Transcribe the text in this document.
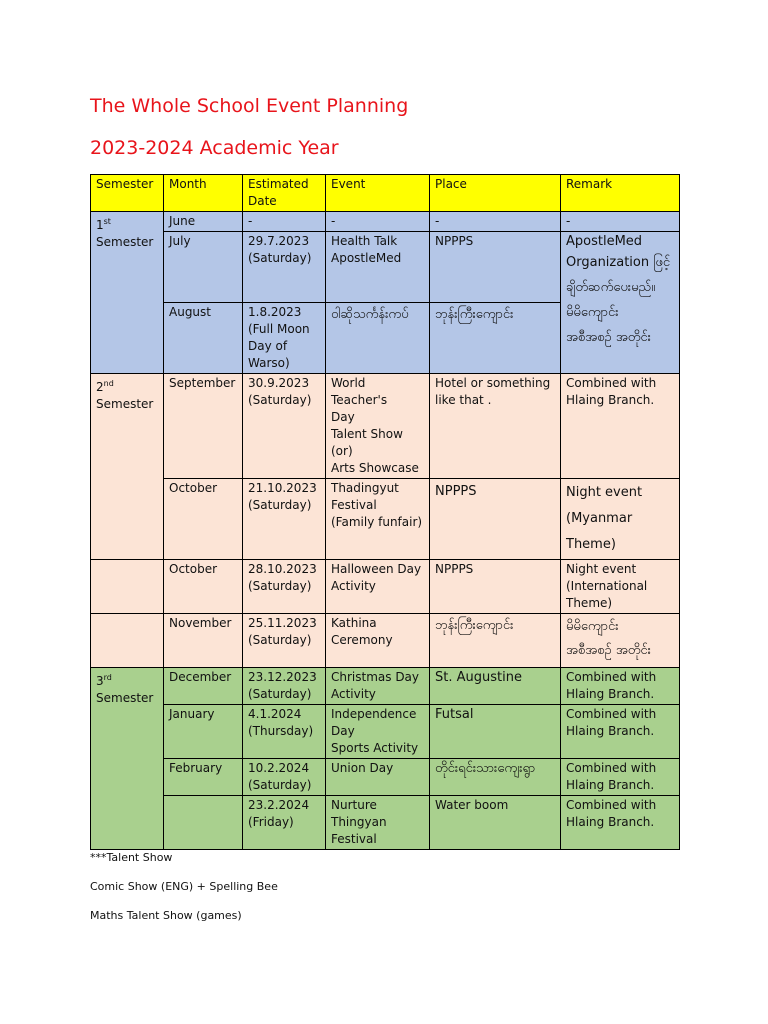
The Whole School Event Planning
2023-2024 Academic Year
Semester	Month	Estimated Date	Event	Place	Remark
1st
Semester	June	-	-	-	-
	July	29.7.2023
(Saturday)	Health Talk
ApostleMed	NPPPS	ApostleMed
Organization ဖြင့်
ချိတ်ဆက်ပေးမည်။
မိမိကျောင်း
အစီအစဉ် အတိုင်း

	August	1.8.2023
(Full Moon
Day of
Warso)	ဝါဆိုသင်္ကန်းကပ်	ဘုန်းကြီးကျောင်း	
2nd
Semester	September	30.9.2023
(Saturday)	World Teacher's
Day
Talent Show
(or)
Arts Showcase	Hotel or something
like that .	Combined with
Hlaing Branch.

	October	21.10.2023
(Saturday)	Thadingyut
Festival
(Family funfair)	NPPPS	Night event
(Myanmar
Theme)

	October	28.10.2023
(Saturday)	Halloween Day
Activity	NPPPS	Night event
(International
Theme)

	November	25.11.2023
(Saturday)	Kathina
Ceremony	ဘုန်းကြီးကျောင်း	မိမိကျောင်း
အစီအစဉ် အတိုင်း

3rd
Semester	December	23.12.2023
(Saturday)	Christmas Day
Activity	St. Augustine	Combined with
Hlaing Branch.

	January	4.1.2024
(Thursday)	Independence
Day
Sports Activity	Futsal	Combined with
Hlaing Branch.

	February	10.2.2024
(Saturday)	Union Day	တိုင်းရင်းသားကျေးရွာ	Combined with
Hlaing Branch.

		23.2.2024
(Friday)	Nurture
Thingyan
Festival	Water boom	Combined with
Hlaing Branch.

***Talent Show

Comic Show (ENG) + Spelling Bee

Maths Talent Show (games)
